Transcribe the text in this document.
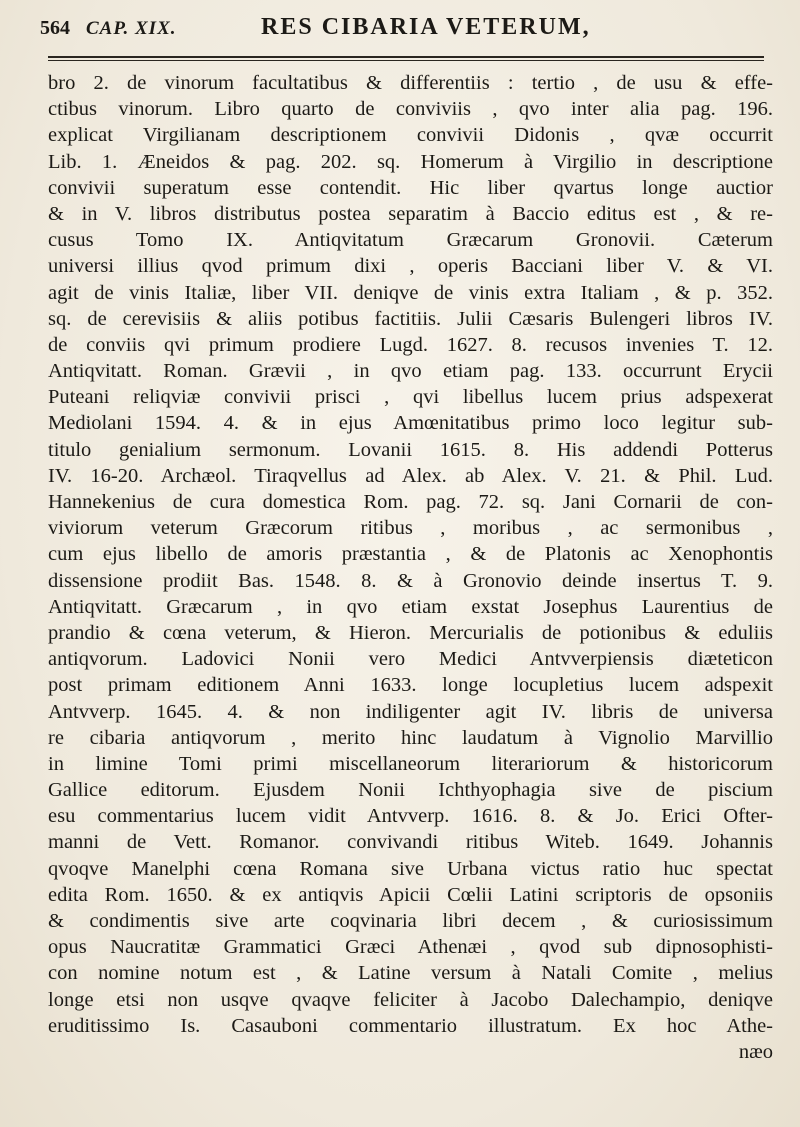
564 CAP. XIX.	RES CIBARIA VETERUM,
bro 2. de vinorum facultatibus & differentiis : tertio , de usu & effe-
ctibus vinorum. Libro quarto de conviviis , qvo inter alia pag. 196.
explicat Virgilianam descriptionem convivii Didonis , qvæ occurrit
Lib. 1. Æneidos & pag. 202. sq. Homerum à Virgilio in descriptione
convivii superatum esse contendit. Hic liber qvartus longe auctior
& in V. libros distributus postea separatim à Baccio editus est , & re-
cusus Tomo IX. Antiqvitatum Græcarum Gronovii. Cæterum
universi illius qvod primum dixi , operis Bacciani liber V. & VI.
agit de vinis Italiæ, liber VII. deniqve de vinis extra Italiam , & p. 352.
sq. de cerevisiis & aliis potibus factitiis. Julii Cæsaris Bulengeri libros IV.
de conviis qvi primum prodiere Lugd. 1627. 8. recusos invenies T. 12.
Antiqvitatt. Roman. Grævii , in qvo etiam pag. 133. occurrunt Erycii
Puteani reliqviæ convivii prisci , qvi libellus lucem prius adspexerat
Mediolani 1594. 4. & in ejus Amœnitatibus primo loco legitur sub-
titulo genialium sermonum. Lovanii 1615. 8. His addendi Potterus
IV. 16-20. Archæol. Tiraqvellus ad Alex. ab Alex. V. 21. & Phil. Lud.
Hannekenius de cura domestica Rom. pag. 72. sq. Jani Cornarii de con-
viviorum veterum Græcorum ritibus , moribus , ac sermonibus ,
cum ejus libello de amoris præstantia , & de Platonis ac Xenophontis
dissensione prodiit Bas. 1548. 8. & à Gronovio deinde insertus T. 9.
Antiqvitatt. Græcarum , in qvo etiam exstat Josephus Laurentius de
prandio & cœna veterum, & Hieron. Mercurialis de potionibus & eduliis
antiqvorum. Ladovici Nonii vero Medici Antvverpiensis diæteticon
post primam editionem Anni 1633. longe locupletius lucem adspexit
Antvverp. 1645. 4. & non indiligenter agit IV. libris de universa
re cibaria antiqvorum , merito hinc laudatum à Vignolio Marvillio
in limine Tomi primi miscellaneorum literariorum & historicorum
Gallice editorum. Ejusdem Nonii Ichthyophagia sive de piscium
esu commentarius lucem vidit Antvverp. 1616. 8. & Jo. Erici Ofter-
manni de Vett. Romanor. convivandi ritibus Witeb. 1649. Johannis
qvoqve Manelphi cœna Romana sive Urbana victus ratio huc spectat
edita Rom. 1650. & ex antiqvis Apicii Cœlii Latini scriptoris de opsoniis
& condimentis sive arte coqvinaria libri decem , & curiosissimum
opus Naucratitæ Grammatici Græci Athenæi , qvod sub dipnosophisti-
con nomine notum est , & Latine versum à Natali Comite , melius
longe etsi non usqve qvaqve feliciter à Jacobo Dalechampio, deniqve
eruditissimo Is. Casauboni commentario illustratum. Ex hoc Athe-
næo
